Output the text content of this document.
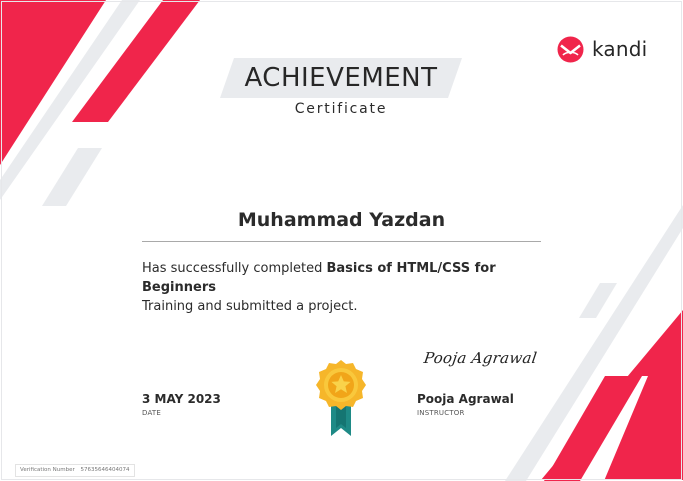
kandi
ACHIEVEMENT
Certificate
Muhammad Yazdan
Has successfully completed Basics of HTML/CSS for Beginners
Training and submitted a project.
3 MAY 2023
DATE
Pooja Agrawal
Pooja Agrawal
INSTRUCTOR
Verification Number 57635646404074
